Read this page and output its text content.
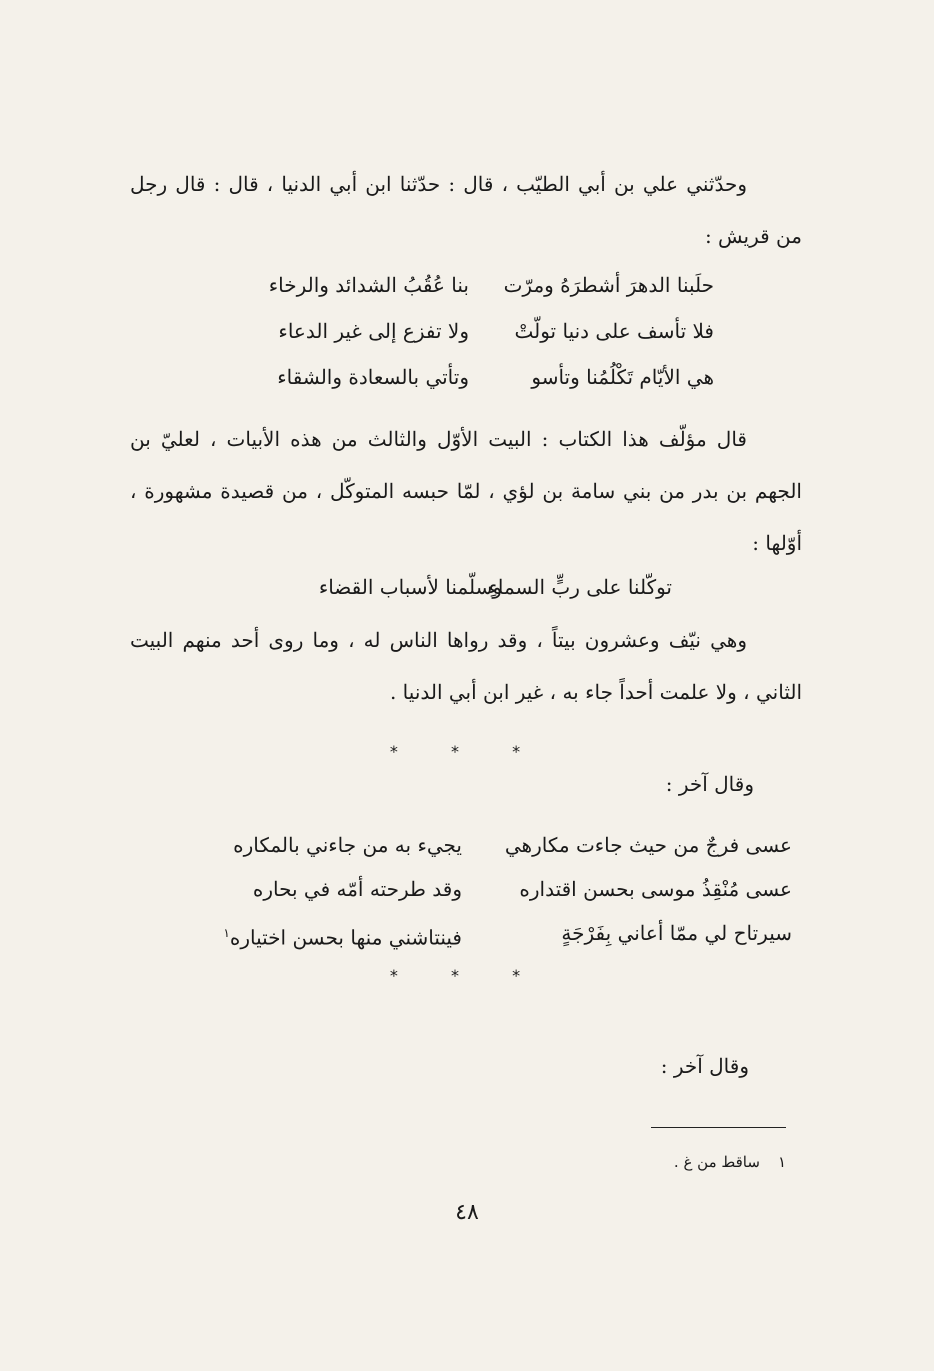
وحدّثني علي بن أبي الطيّب ، قال : حدّثنا ابن أبي الدنيا ، قال : قال رجل
من قريش :
حلَبنا الدهرَ أشطرَهُ ومرّت
بنا عُقُبُ الشدائد والرخاء
فلا تأسف على دنيا تولّتْ
ولا تفزع إلى غير الدعاء
هي الأيّام تَكْلُمُنا وتأسو
وتأتي بالسعادة والشقاء
قال مؤلّف هذا الكتاب : البيت الأوّل والثالث من هذه الأبيات ، لعليّ بن
الجهم بن بدر من بني سامة بن لؤي ، لمّا حبسه المتوكّل ، من قصيدة مشهورة ،
أوّلها :
توكّلنا على ربٍّ السماءِ
وسلّمنا لأسباب القضاء
وهي نيّف وعشرون بيتاً ، وقد رواها الناس له ، وما روى أحد منهم البيت
الثاني ، ولا علمت أحداً جاء به ، غير ابن أبي الدنيا .
* * *
وقال آخر :
عسى فرجٌ من حيث جاءت مكارهي
يجيء به من جاءني بالمكاره
عسى مُنْقِذُ موسى بحسن اقتداره
وقد طرحته أمّه في بحاره
سيرتاح لي ممّا أعاني بِفَرْجَةٍ
فينتاشني منها بحسن اختياره$^١$
* * *
وقال آخر :
١ساقط من غ .
٤٨
